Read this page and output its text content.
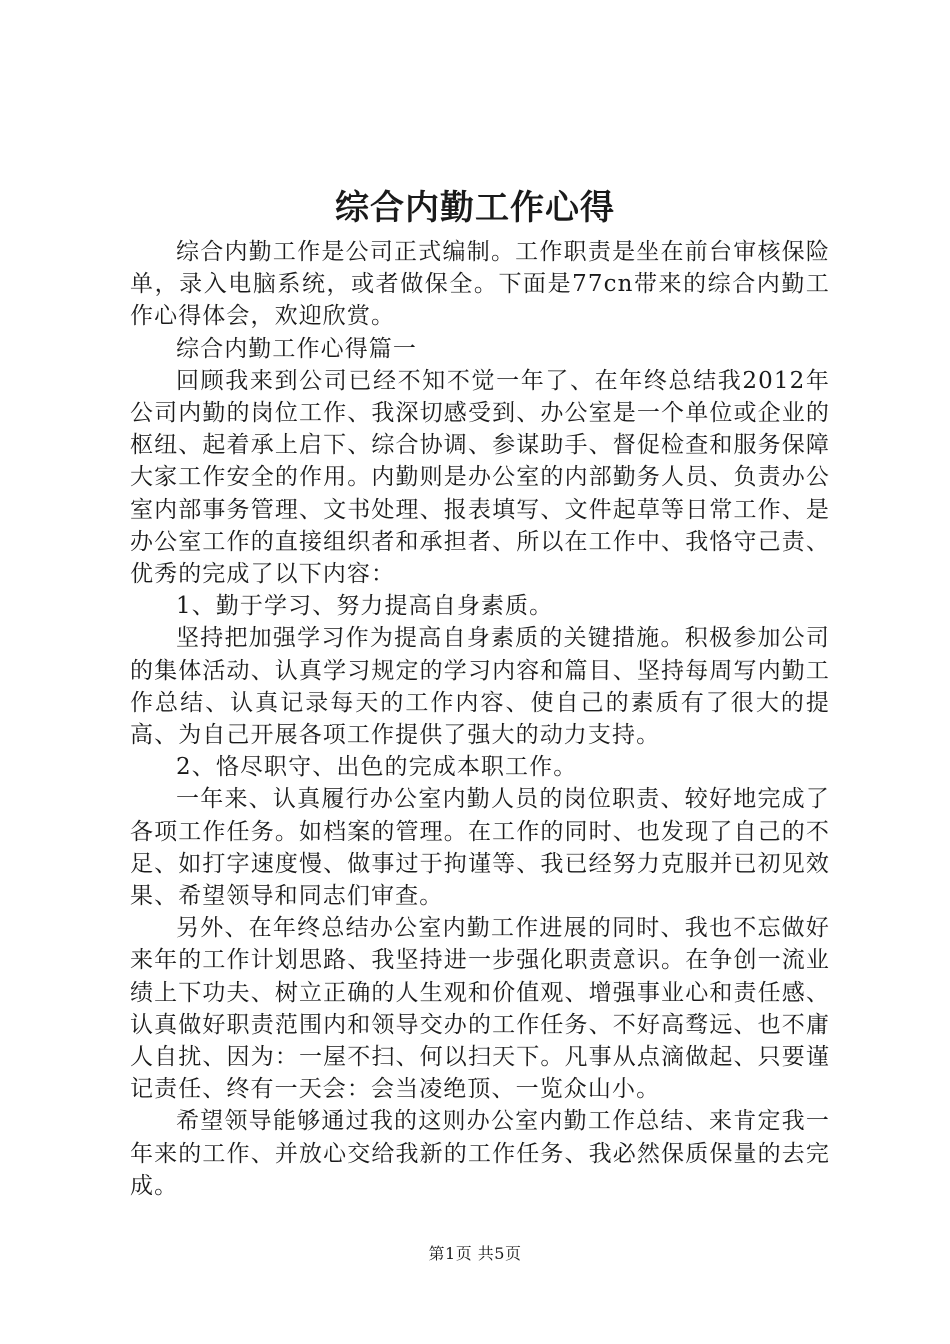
综合内勤工作心得

综合内勤工作是公司正式编制。工作职责是坐在前台审核保险单，录入电脑系统，或者做保全。下面是77cn带来的综合内勤工作心得体会，欢迎欣赏。

综合内勤工作心得篇一

回顾我来到公司已经不知不觉一年了、在年终总结我2012年公司内勤的岗位工作、我深切感受到、办公室是一个单位或企业的枢纽、起着承上启下、综合协调、参谋助手、督促检查和服务保障大家工作安全的作用。内勤则是办公室的内部勤务人员、负责办公室内部事务管理、文书处理、报表填写、文件起草等日常工作、是办公室工作的直接组织者和承担者、所以在工作中、我恪守己责、优秀的完成了以下内容：

1、勤于学习、努力提高自身素质。

坚持把加强学习作为提高自身素质的关键措施。积极参加公司的集体活动、认真学习规定的学习内容和篇目、坚持每周写内勤工作总结、认真记录每天的工作内容、使自己的素质有了很大的提高、为自己开展各项工作提供了强大的动力支持。

2、恪尽职守、出色的完成本职工作。

一年来、认真履行办公室内勤人员的岗位职责、较好地完成了各项工作任务。如档案的管理。在工作的同时、也发现了自己的不足、如打字速度慢、做事过于拘谨等、我已经努力克服并已初见效果、希望领导和同志们审查。

另外、在年终总结办公室内勤工作进展的同时、我也不忘做好来年的工作计划思路、我坚持进一步强化职责意识。在争创一流业绩上下功夫、树立正确的人生观和价值观、增强事业心和责任感、认真做好职责范围内和领导交办的工作任务、不好高骛远、也不庸人自扰、因为：一屋不扫、何以扫天下。凡事从点滴做起、只要谨记责任、终有一天会：会当凌绝顶、一览众山小。

希望领导能够通过我的这则办公室内勤工作总结、来肯定我一年来的工作、并放心交给我新的工作任务、我必然保质保量的去完成。

第1页 共5页
